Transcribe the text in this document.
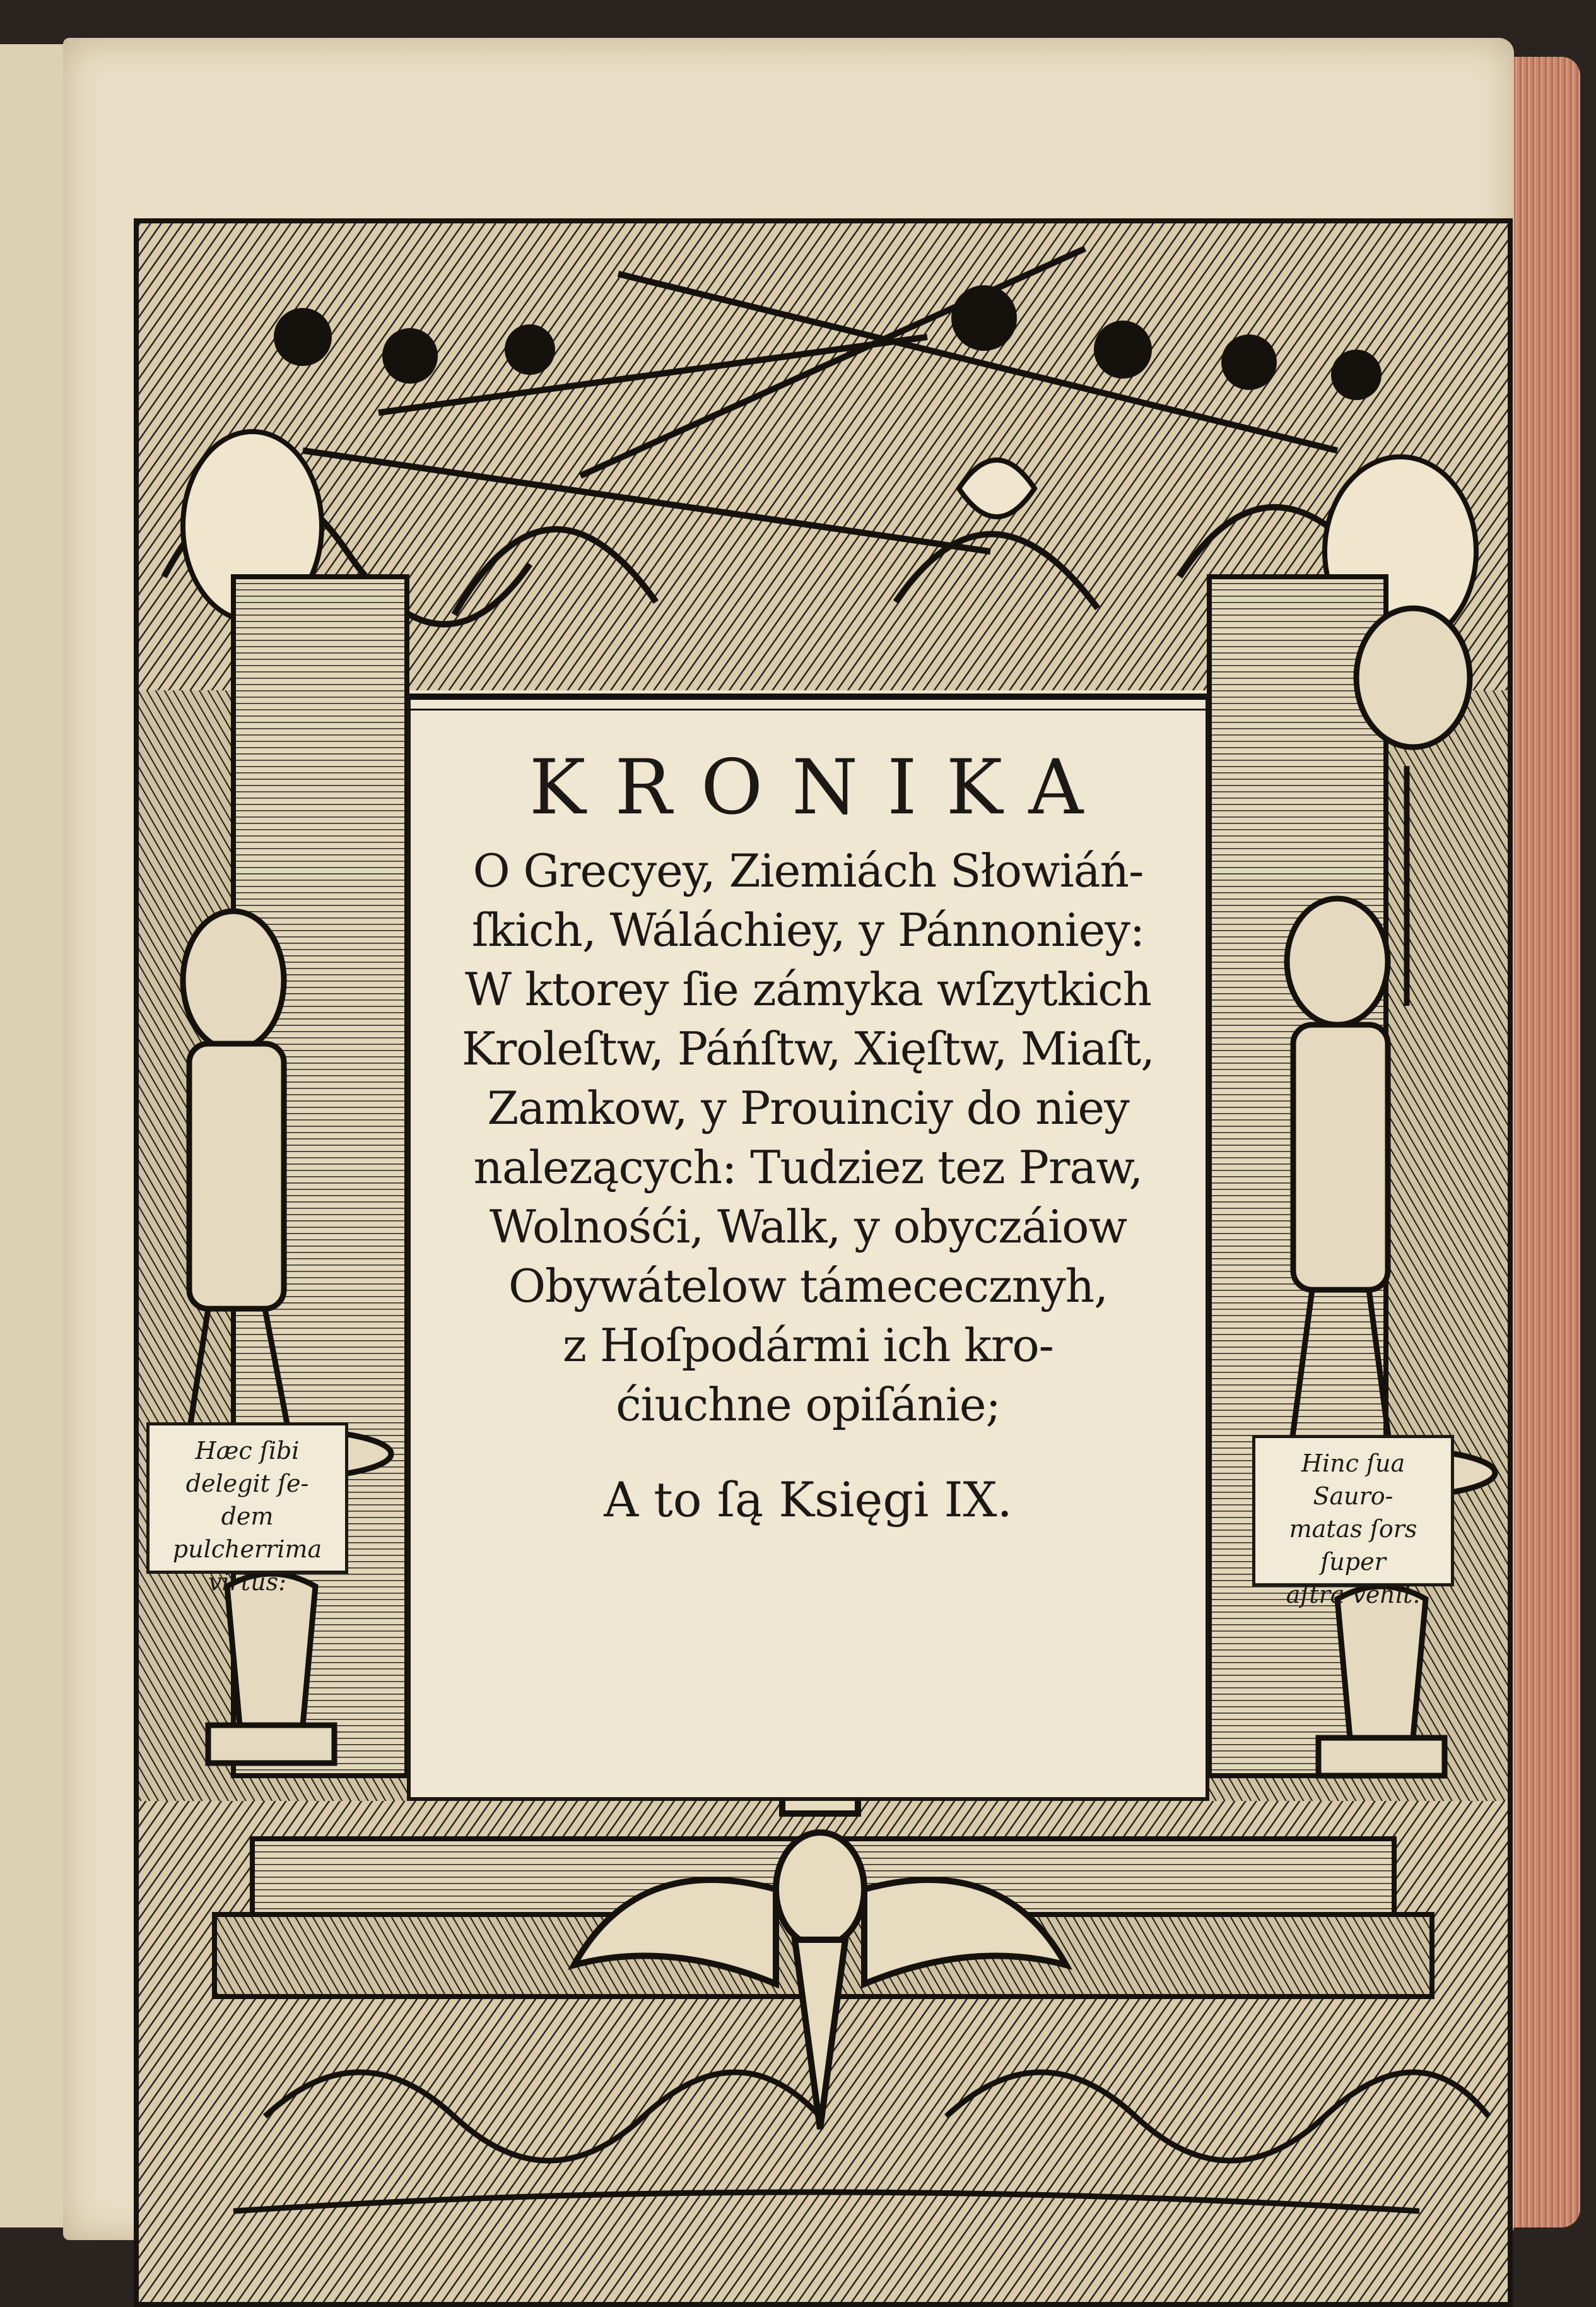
Hæc ſibi delegit ſe-
dem pulcherrima
virtus:
Hinc ſua Sauro-
matas ſors ſuper
aſtra vehit.
KRONIKA
O Grecyey, Ziemiách Słowiáń-
ſkich, Wáláchiey, y Pánnoniey:
W ktorey ſie zámyka wſzytkich
Kroleſtw, Páńſtw, Xięſtw, Miaſt,
Zamkow, y Prouinciy do niey
nalezących: Tudziez tez Praw,
Wolnośći, Walk, y obyczáiow
Obywátelow támececznyh,
z Hoſpodármi ich kro-
ćiuchne opiſánie;
A to ſą Księgi IX.
